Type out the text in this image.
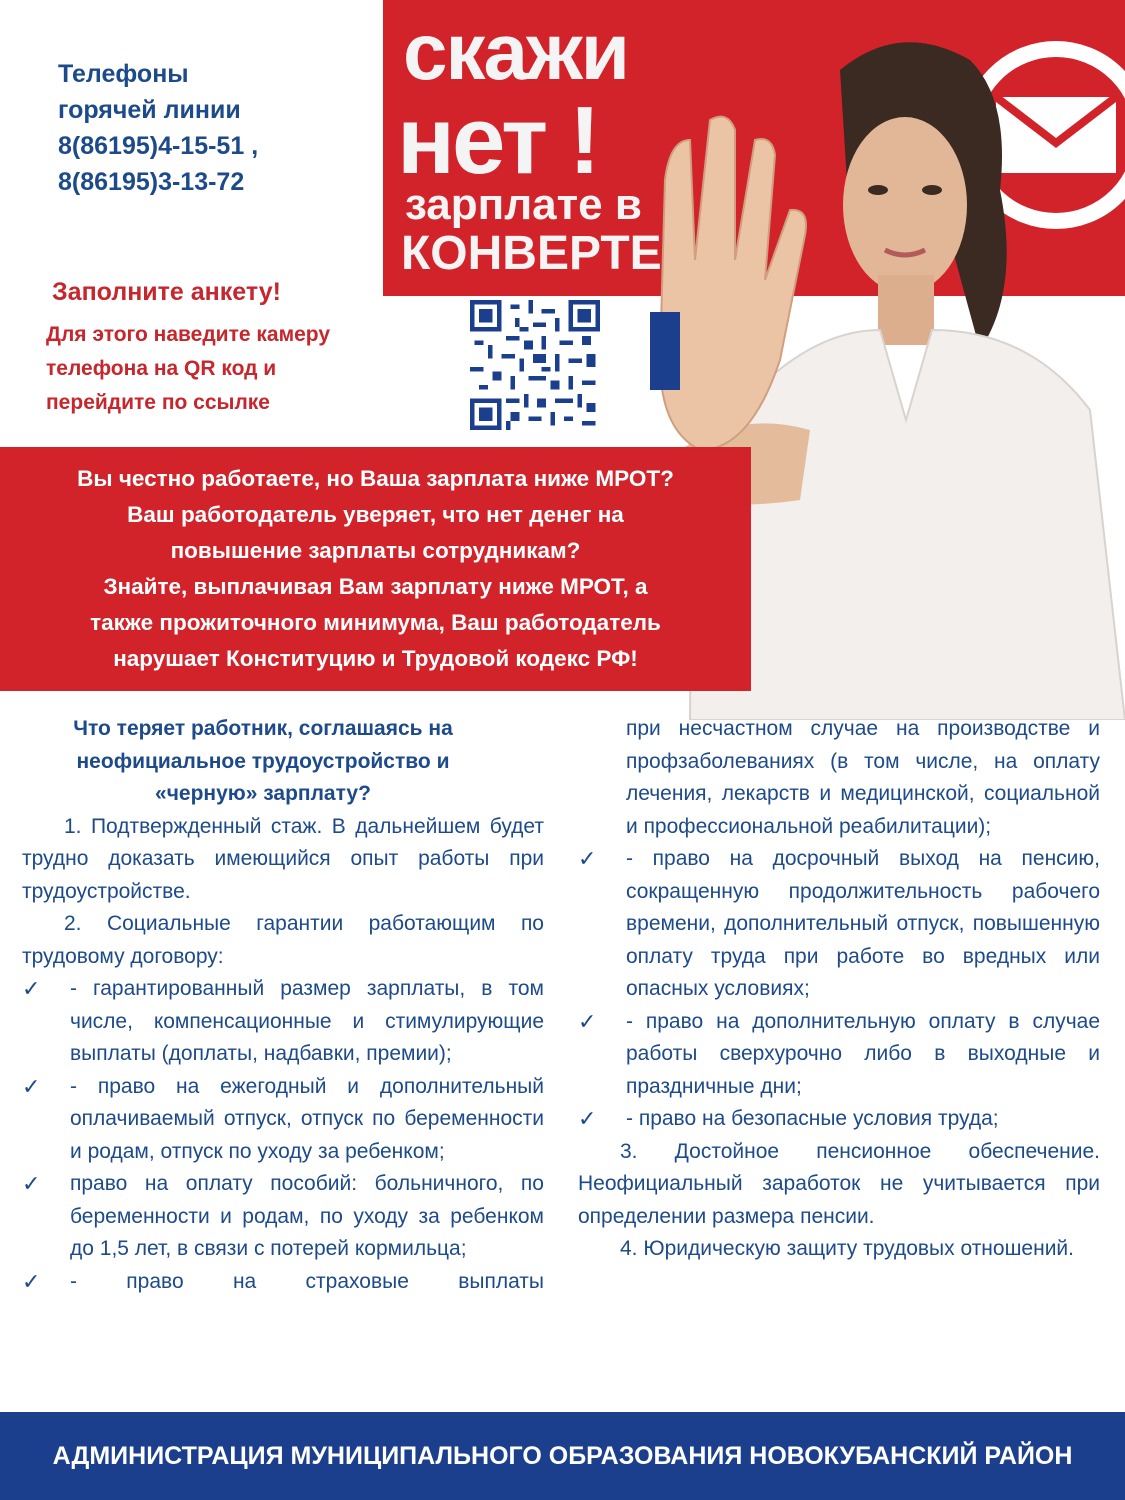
Телефоны
горячей линии
8(86195)4-15-51 ,
8(86195)3-13-72
скажи
нет !
зарплате в
КОНВЕРТЕ
Заполните анкету!
Для этого наведите камеру
телефона на QR код и
перейдите по ссылке
Вы честно работаете, но Ваша зарплата ниже МРОТ?
Ваш работодатель уверяет, что нет денег на
повышение зарплаты сотрудникам?
Знайте, выплачивая Вам зарплату ниже МРОТ, а
также прожиточного минимума, Ваш работодатель
нарушает Конституцию и Трудовой кодекс РФ!
Что теряет работник, соглашаясь на
неофициальное трудоустройство и
«черную» зарплату?
1. Подтвержденный стаж. В дальнейшем будет трудно доказать имеющийся опыт работы при трудоустройстве.
2. Социальные гарантии работающим по трудовому договору:
✓ - гарантированный размер зарплаты, в том числе, компенсационные и стимулирующие выплаты (доплаты, надбавки, премии);
✓ - право на ежегодный и дополнительный оплачиваемый отпуск, отпуск по беременности и родам, отпуск по уходу за ребенком;
✓ право на оплату пособий: больничного, по беременности и родам, по уходу за ребенком до 1,5 лет, в связи с потерей кормильца;
✓ - право на страховые выплаты
при несчастном случае на производстве и профзаболеваниях (в том числе, на оплату лечения, лекарств и медицинской, социальной и профессиональной реабилитации);
✓ - право на досрочный выход на пенсию, сокращенную продолжительность рабочего времени, дополнительный отпуск, повышенную оплату труда при работе во вредных или опасных условиях;
✓ - право на дополнительную оплату в случае работы сверхурочно либо в выходные и праздничные дни;
✓ - право на безопасные условия труда;
3. Достойное пенсионное обеспечение. Неофициальный заработок не учитывается при определении размера пенсии.
4. Юридическую защиту трудовых отношений.
АДМИНИСТРАЦИЯ МУНИЦИПАЛЬНОГО ОБРАЗОВАНИЯ НОВОКУБАНСКИЙ РАЙОН
